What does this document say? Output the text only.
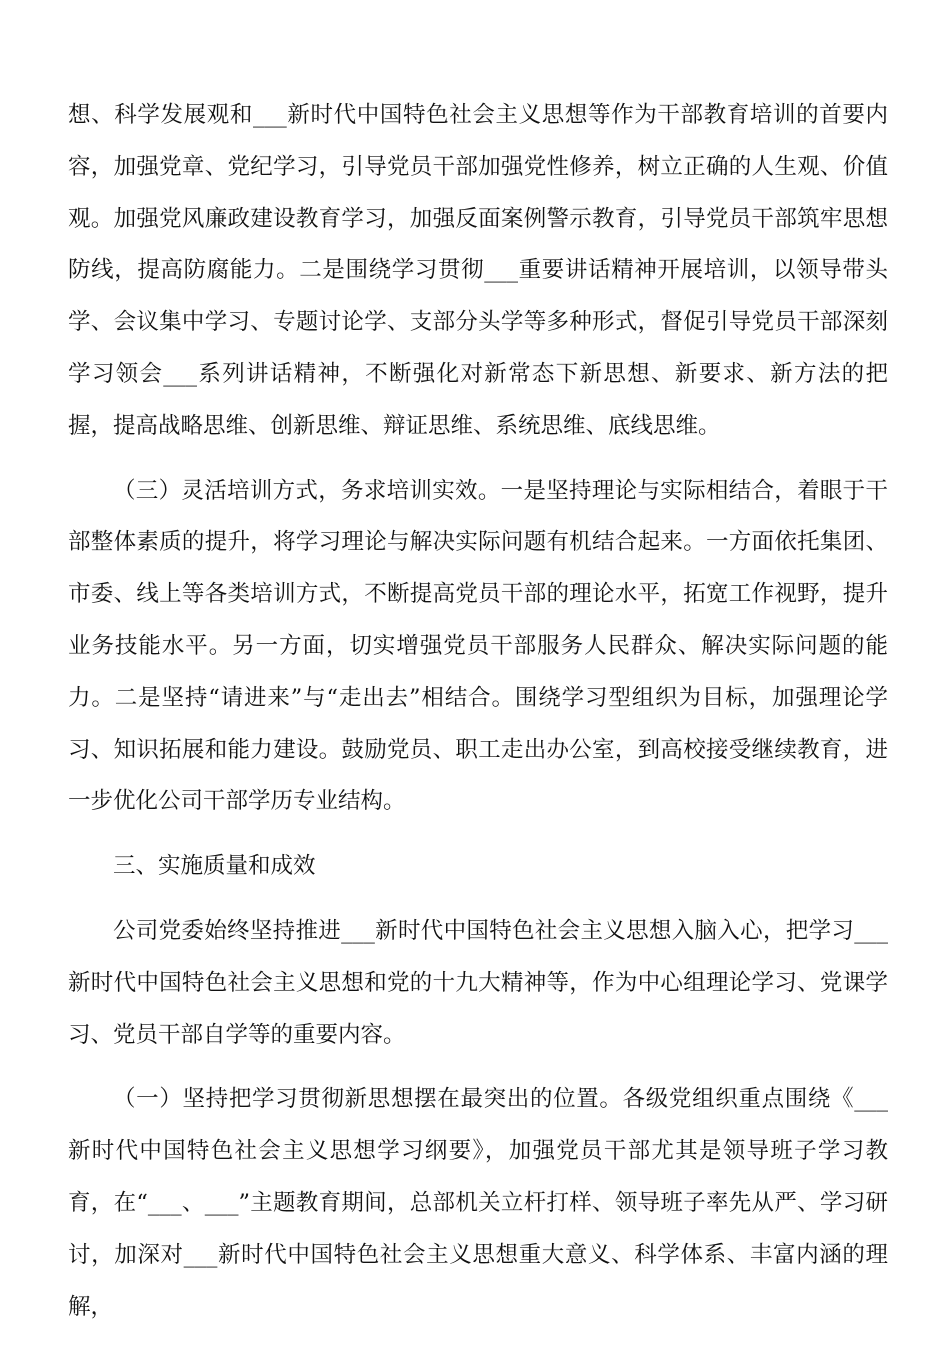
想、科学发展观和___新时代中国特色社会主义思想等作为干部教育培训的首要内容，加强党章、党纪学习，引导党员干部加强党性修养，树立正确的人生观、价值观。加强党风廉政建设教育学习，加强反面案例警示教育，引导党员干部筑牢思想防线，提高防腐能力。二是围绕学习贯彻___重要讲话精神开展培训，以领导带头学、会议集中学习、专题讨论学、支部分头学等多种形式，督促引导党员干部深刻学习领会___系列讲话精神，不断强化对新常态下新思想、新要求、新方法的把握，提高战略思维、创新思维、辩证思维、系统思维、底线思维。

（三）灵活培训方式，务求培训实效。一是坚持理论与实际相结合，着眼于干部整体素质的提升，将学习理论与解决实际问题有机结合起来。一方面依托集团、市委、线上等各类培训方式，不断提高党员干部的理论水平，拓宽工作视野，提升业务技能水平。另一方面，切实增强党员干部服务人民群众、解决实际问题的能力。二是坚持“请进来”与“走出去”相结合。围绕学习型组织为目标，加强理论学习、知识拓展和能力建设。鼓励党员、职工走出办公室，到高校接受继续教育，进一步优化公司干部学历专业结构。

三、实施质量和成效

公司党委始终坚持推进___新时代中国特色社会主义思想入脑入心，把学习___新时代中国特色社会主义思想和党的十九大精神等，作为中心组理论学习、党课学习、党员干部自学等的重要内容。

（一）坚持把学习贯彻新思想摆在最突出的位置。各级党组织重点围绕《___新时代中国特色社会主义思想学习纲要》，加强党员干部尤其是领导班子学习教育，在“___、___”主题教育期间，总部机关立杆打样、领导班子率先从严、学习研讨，加深对___新时代中国特色社会主义思想重大意义、科学体系、丰富内涵的理解，
